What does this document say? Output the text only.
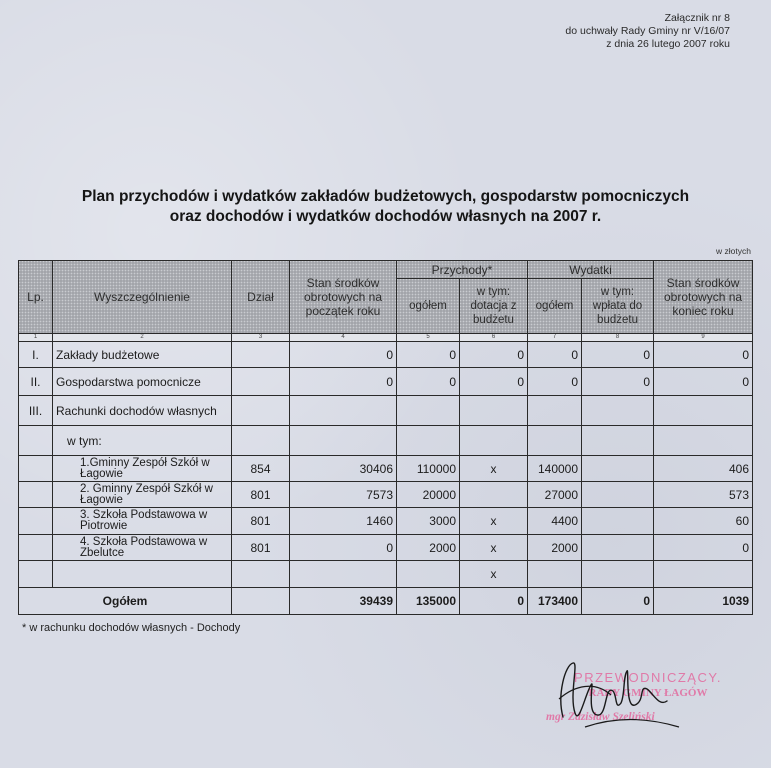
Załącznik nr 8
do uchwały Rady Gminy nr V/16/07
z dnia 26 lutego 2007 roku
Plan przychodów i wydatków zakładów budżetowych, gospodarstw pomocniczych
oraz dochodów i wydatków dochodów własnych na 2007 r.
w złotych
Lp.	Wyszczególnienie	Dział	Stan środków obrotowych na początek roku	Przychody*		Wydatki		Stan środków obrotowych na koniec roku
				ogółem	w tym: dotacja z budżetu	ogółem	w tym: wpłata do budżetu	
1	2	3	4	5	6	7	8	9
I.	Zakłady budżetowe		0	0	0	0	0	0
II.	Gospodarstwa pomocnicze		0	0	0	0	0	0
III.	Rachunki dochodów własnych							
	w tym:							
	1.Gminny Zespół Szkół w Łagowie	854	30406	110000	x	140000		406
	2. Gminny Zespół Szkół w Łagowie	801	7573	20000		27000		573
	3. Szkoła Podstawowa w Piotrowie	801	1460	3000	x	4400		60
	4. Szkoła Podstawowa w Zbelutce	801	0	2000	x	2000		0
					x			
Ogółem			39439	135000	0	173400	0	1039
* w rachunku dochodów własnych - Dochody
PRZEWODNICZĄCY.
RADY GMINY ŁAGÓW
mgr Zdzisław Szeliński
